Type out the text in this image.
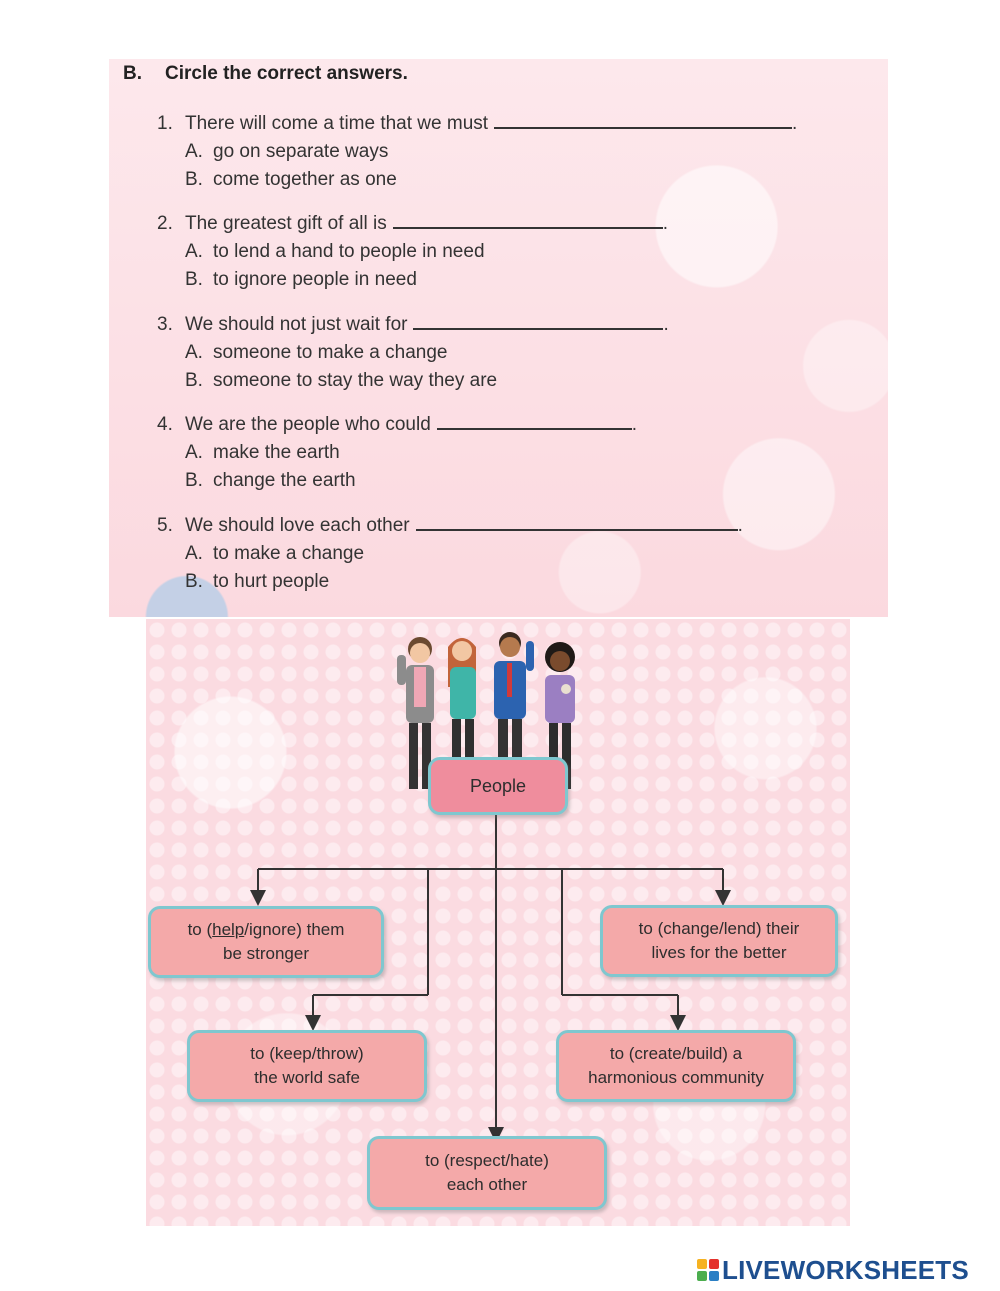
B. Circle the correct answers.
1. There will come a time that we must	.
A. go on separate ways
B. come together as one
2. The greatest gift of all is	.
A. to lend a hand to people in need
B. to ignore people in need
3. We should not just wait for	.
A. someone to make a change
B. someone to stay the way they are
4. We are the people who could	.
A. make the earth
B. change the earth
5. We should love each other	.
A. to make a change
B. to hurt people
People
to (help/ignore) them
be stronger
to (change/lend) their
lives for the better
to (keep/throw)
the world safe
to (create/build) a
harmonious community
to (respect/hate)
each other
LIVEWORKSHEETS
